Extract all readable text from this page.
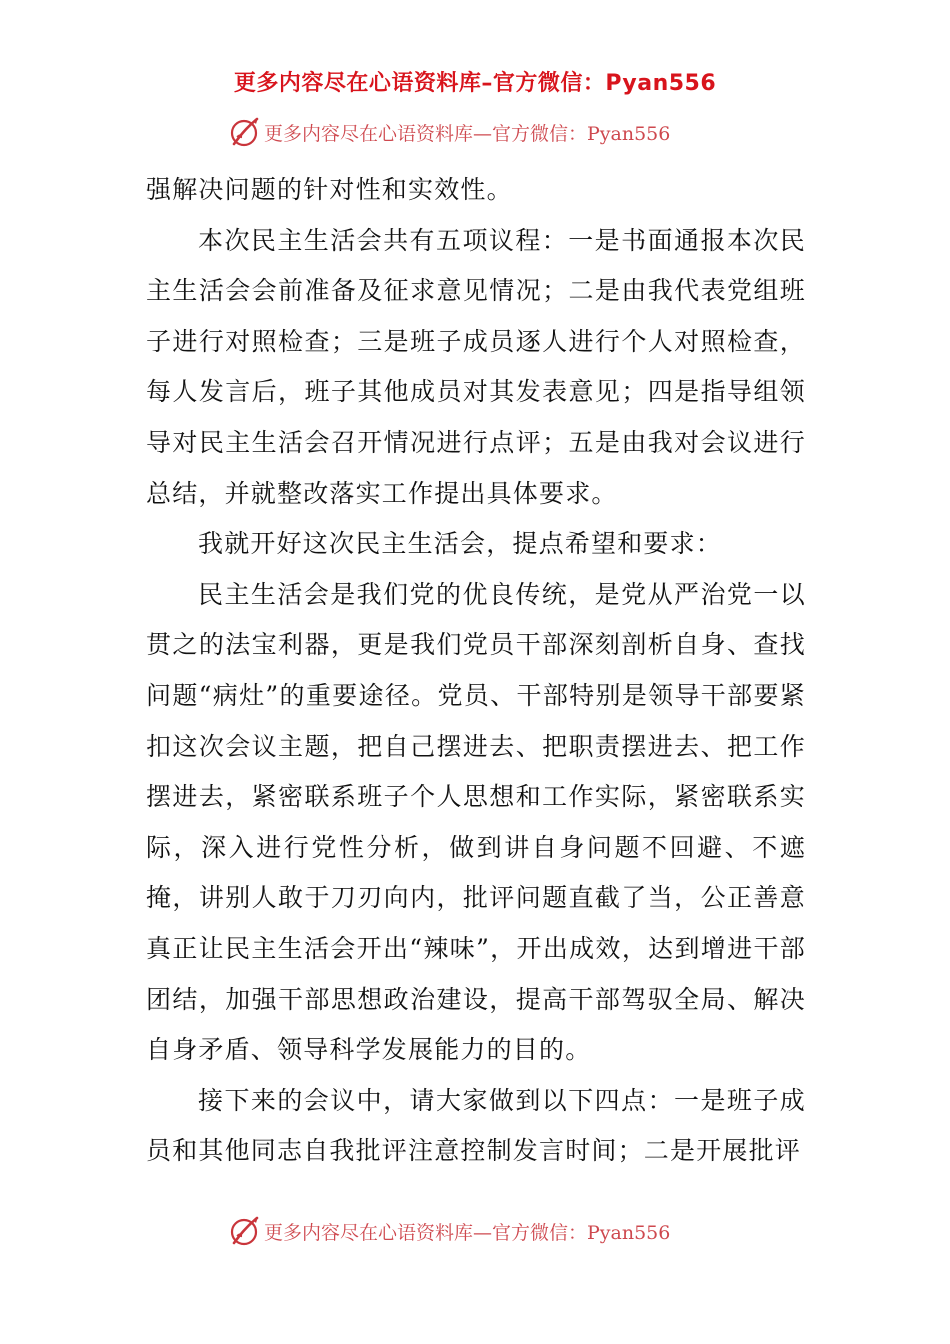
更多内容尽在心语资料库–官方微信：Pyan556
更多内容尽在心语资料库—官方微信：Pyan556

强解决问题的针对性和实效性。

本次民主生活会共有五项议程：一是书面通报本次民主生活会会前准备及征求意见情况；二是由我代表党组班子进行对照检查；三是班子成员逐人进行个人对照检查，每人发言后，班子其他成员对其发表意见；四是指导组领导对民主生活会召开情况进行点评；五是由我对会议进行总结，并就整改落实工作提出具体要求。

我就开好这次民主生活会，提点希望和要求：

民主生活会是我们党的优良传统，是党从严治党一以贯之的法宝利器，更是我们党员干部深刻剖析自身、查找问题“病灶”的重要途径。党员、干部特别是领导干部要紧扣这次会议主题，把自己摆进去、把职责摆进去、把工作摆进去，紧密联系班子个人思想和工作实际，紧密联系实际，深入进行党性分析，做到讲自身问题不回避、不遮掩，讲别人敢于刀刃向内，批评问题直截了当，公正善意真正让民主生活会开出“辣味”，开出成效，达到增进干部团结，加强干部思想政治建设，提高干部驾驭全局、解决自身矛盾、领导科学发展能力的目的。

接下来的会议中，请大家做到以下四点：一是班子成员和其他同志自我批评注意控制发言时间；二是开展批评

更多内容尽在心语资料库—官方微信：Pyan556
